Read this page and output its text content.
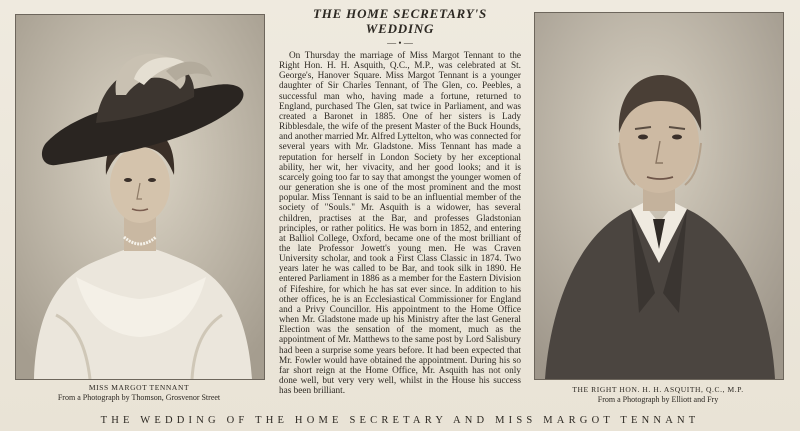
MISS MARGOT TENNANT
From a Photograph by Thomson, Grosvenor Street
THE HOME SECRETARY'S WEDDING
— • —

On Thursday the marriage of Miss Margot Tennant to the Right Hon. H. H. Asquith, Q.C., M.P., was celebrated at St. George's, Hanover Square. Miss Margot Tennant is a younger daughter of Sir Charles Tennant, of The Glen, co. Peebles, a successful man who, having made a fortune, returned to England, purchased The Glen, sat twice in Parliament, and was created a Baronet in 1885. One of her sisters is Lady Ribblesdale, the wife of the present Master of the Buck Hounds, and another married Mr. Alfred Lyttelton, who was connected for several years with Mr. Gladstone. Miss Tennant has made a reputation for herself in London Society by her exceptional ability, her wit, her vivacity, and her good looks; and it is scarcely going too far to say that amongst the younger women of our generation she is one of the most prominent and the most popular. Miss Tennant is said to be an influential member of the society of "Souls." Mr. Asquith is a widower, has several children, practises at the Bar, and professes Gladstonian principles, or rather politics. He was born in 1852, and entering at Balliol College, Oxford, became one of the most brilliant of the late Professor Jowett's young men. He was Craven University scholar, and took a First Class Classic in 1874. Two years later he was called to be Bar, and took silk in 1890. He entered Parliament in 1886 as a member for the Eastern Division of Fifeshire, for which he has sat ever since. In addition to his other offices, he is an Ecclesiastical Commissioner for England and a Privy Councillor. His appointment to the Home Office when Mr. Gladstone made up his Ministry after the last General Election was the sensation of the moment, much as the appointment of Mr. Matthews to the same post by Lord Salisbury had been a surprise some years before. It had been expected that Mr. Fowler would have obtained the appointment. During his so far short reign at the Home Office, Mr. Asquith has not only done well, but very very well, whilst in the House his success has been brilliant.	THE RIGHT HON. H. H. ASQUITH, Q.C., M.P.
From a Photograph by Elliott and Fry
THE WEDDING OF THE HOME SECRETARY AND MISS MARGOT TENNANT
